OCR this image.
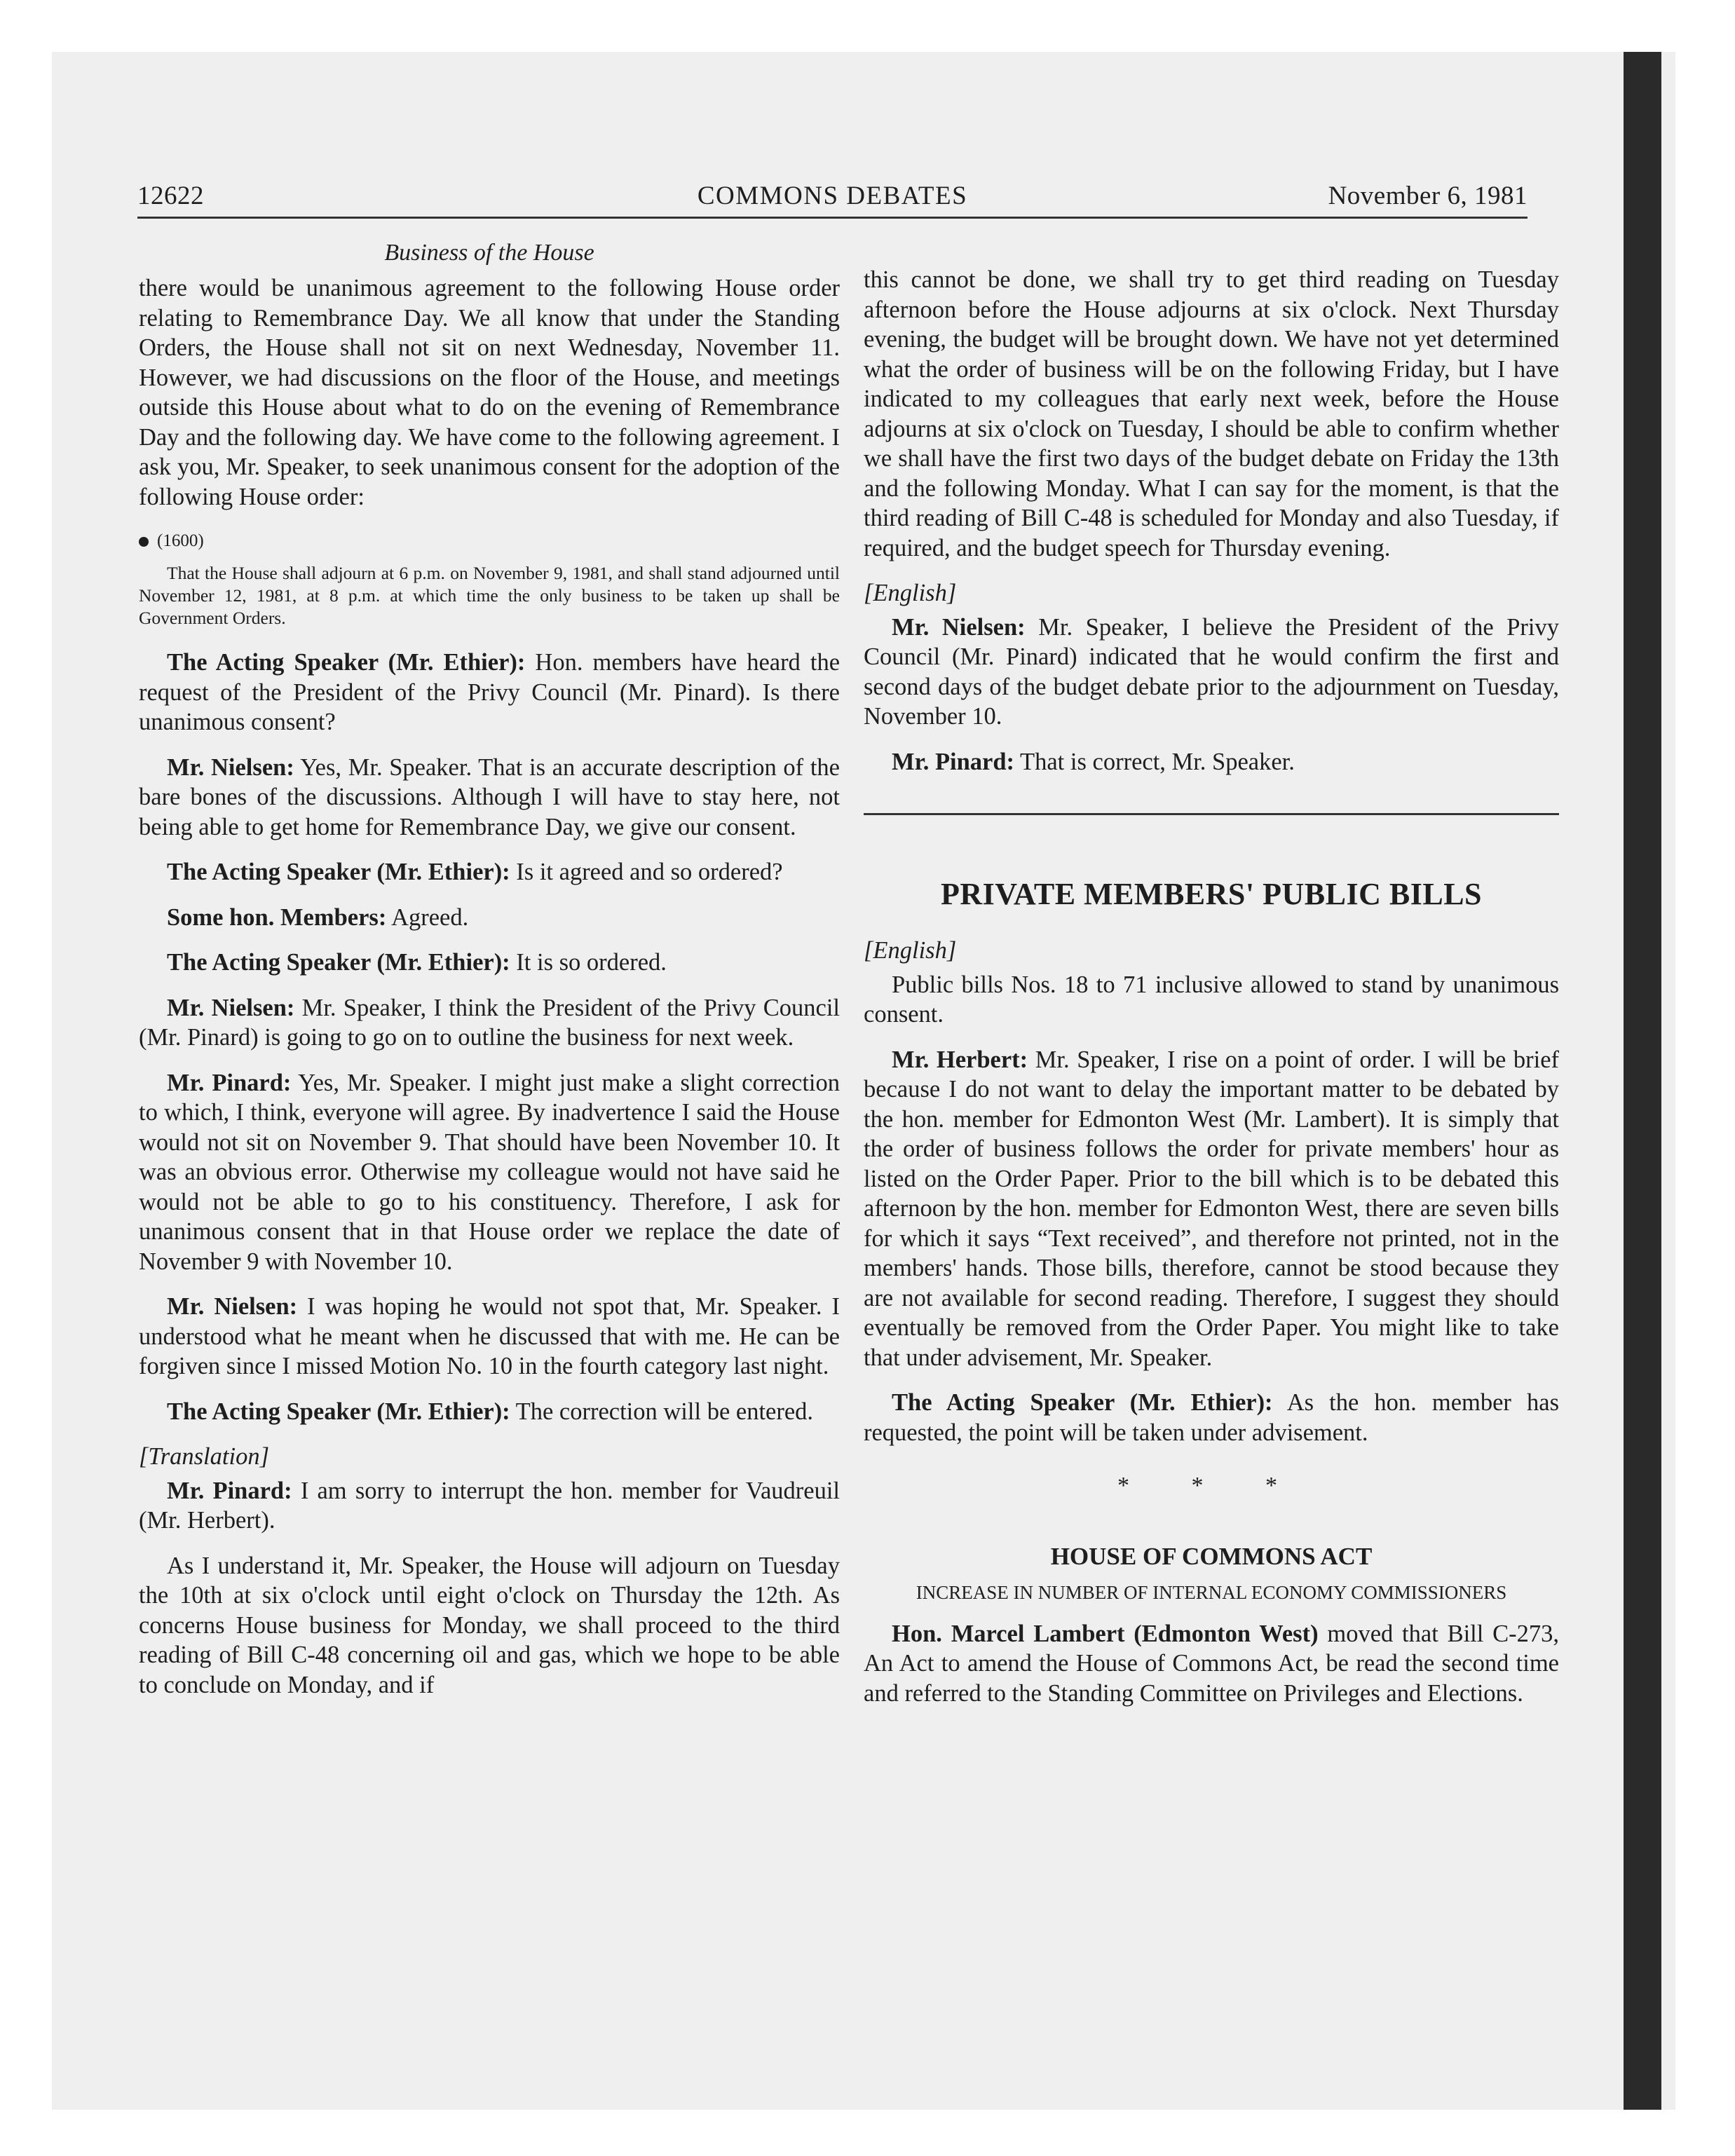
12622	COMMONS DEBATES	November 6, 1981

Business of the House

there would be unanimous agreement to the following House order relating to Remembrance Day. We all know that under the Standing Orders, the House shall not sit on next Wednesday, November 11. However, we had discussions on the floor of the House, and meetings outside this House about what to do on the evening of Remembrance Day and the following day. We have come to the following agreement. I ask you, Mr. Speaker, to seek unanimous consent for the adoption of the following House order:

(1600)

That the House shall adjourn at 6 p.m. on November 9, 1981, and shall stand adjourned until November 12, 1981, at 8 p.m. at which time the only business to be taken up shall be Government Orders.

The Acting Speaker (Mr. Ethier): Hon. members have heard the request of the President of the Privy Council (Mr. Pinard). Is there unanimous consent?

Mr. Nielsen: Yes, Mr. Speaker. That is an accurate description of the bare bones of the discussions. Although I will have to stay here, not being able to get home for Remembrance Day, we give our consent.

The Acting Speaker (Mr. Ethier): Is it agreed and so ordered?

Some hon. Members: Agreed.

The Acting Speaker (Mr. Ethier): It is so ordered.

Mr. Nielsen: Mr. Speaker, I think the President of the Privy Council (Mr. Pinard) is going to go on to outline the business for next week.

Mr. Pinard: Yes, Mr. Speaker. I might just make a slight correction to which, I think, everyone will agree. By inadvertence I said the House would not sit on November 9. That should have been November 10. It was an obvious error. Otherwise my colleague would not have said he would not be able to go to his constituency. Therefore, I ask for unanimous consent that in that House order we replace the date of November 9 with November 10.

Mr. Nielsen: I was hoping he would not spot that, Mr. Speaker. I understood what he meant when he discussed that with me. He can be forgiven since I missed Motion No. 10 in the fourth category last night.

The Acting Speaker (Mr. Ethier): The correction will be entered.

[Translation]

Mr. Pinard: I am sorry to interrupt the hon. member for Vaudreuil (Mr. Herbert).

As I understand it, Mr. Speaker, the House will adjourn on Tuesday the 10th at six o'clock until eight o'clock on Thursday the 12th. As concerns House business for Monday, we shall proceed to the third reading of Bill C-48 concerning oil and gas, which we hope to be able to conclude on Monday, and if

this cannot be done, we shall try to get third reading on Tuesday afternoon before the House adjourns at six o'clock. Next Thursday evening, the budget will be brought down. We have not yet determined what the order of business will be on the following Friday, but I have indicated to my colleagues that early next week, before the House adjourns at six o'clock on Tuesday, I should be able to confirm whether we shall have the first two days of the budget debate on Friday the 13th and the following Monday. What I can say for the moment, is that the third reading of Bill C-48 is scheduled for Monday and also Tuesday, if required, and the budget speech for Thursday evening.

[English]

Mr. Nielsen: Mr. Speaker, I believe the President of the Privy Council (Mr. Pinard) indicated that he would confirm the first and second days of the budget debate prior to the adjournment on Tuesday, November 10.

Mr. Pinard: That is correct, Mr. Speaker.

PRIVATE MEMBERS' PUBLIC BILLS

[English]

Public bills Nos. 18 to 71 inclusive allowed to stand by unanimous consent.

Mr. Herbert: Mr. Speaker, I rise on a point of order. I will be brief because I do not want to delay the important matter to be debated by the hon. member for Edmonton West (Mr. Lambert). It is simply that the order of business follows the order for private members' hour as listed on the Order Paper. Prior to the bill which is to be debated this afternoon by the hon. member for Edmonton West, there are seven bills for which it says “Text received”, and therefore not printed, not in the members' hands. Those bills, therefore, cannot be stood because they are not available for second reading. Therefore, I suggest they should eventually be removed from the Order Paper. You might like to take that under advisement, Mr. Speaker.

The Acting Speaker (Mr. Ethier): As the hon. member has requested, the point will be taken under advisement.

* * *

HOUSE OF COMMONS ACT

INCREASE IN NUMBER OF INTERNAL ECONOMY COMMISSIONERS

Hon. Marcel Lambert (Edmonton West) moved that Bill C-273, An Act to amend the House of Commons Act, be read the second time and referred to the Standing Committee on Privileges and Elections.
